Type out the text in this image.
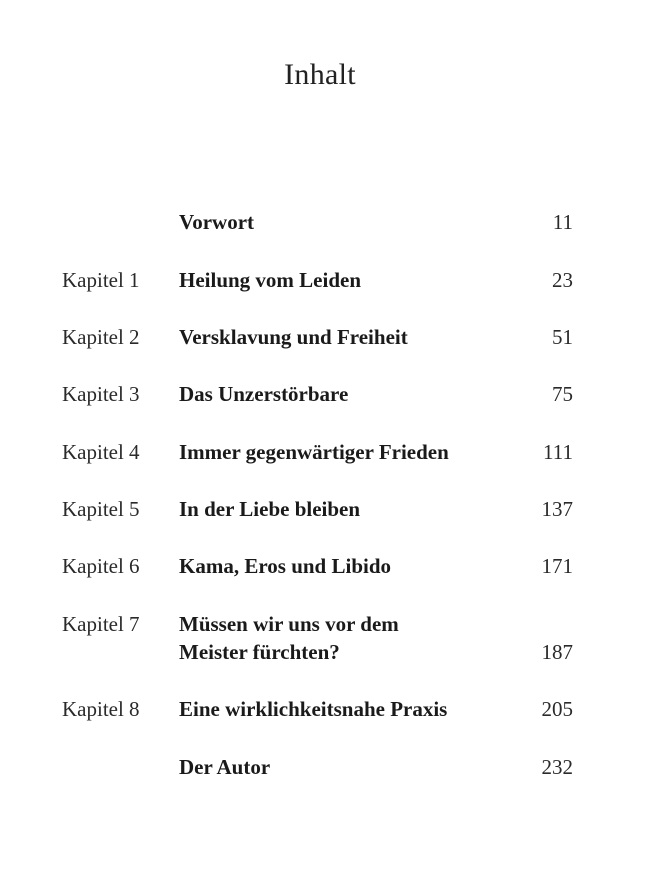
Inhalt
Vorwort	11
Kapitel 1 Heilung vom Leiden	23
Kapitel 2 Versklavung und Freiheit	51
Kapitel 3 Das Unzerstörbare	75
Kapitel 4 Immer gegenwärtiger Frieden	111
Kapitel 5 In der Liebe bleiben	137
Kapitel 6 Kama, Eros und Libido	171
Kapitel 7 Müssen wir uns vor dem
Meister fürchten?	187
Kapitel 8 Eine wirklichkeitsnahe Praxis	205
Der Autor	232
